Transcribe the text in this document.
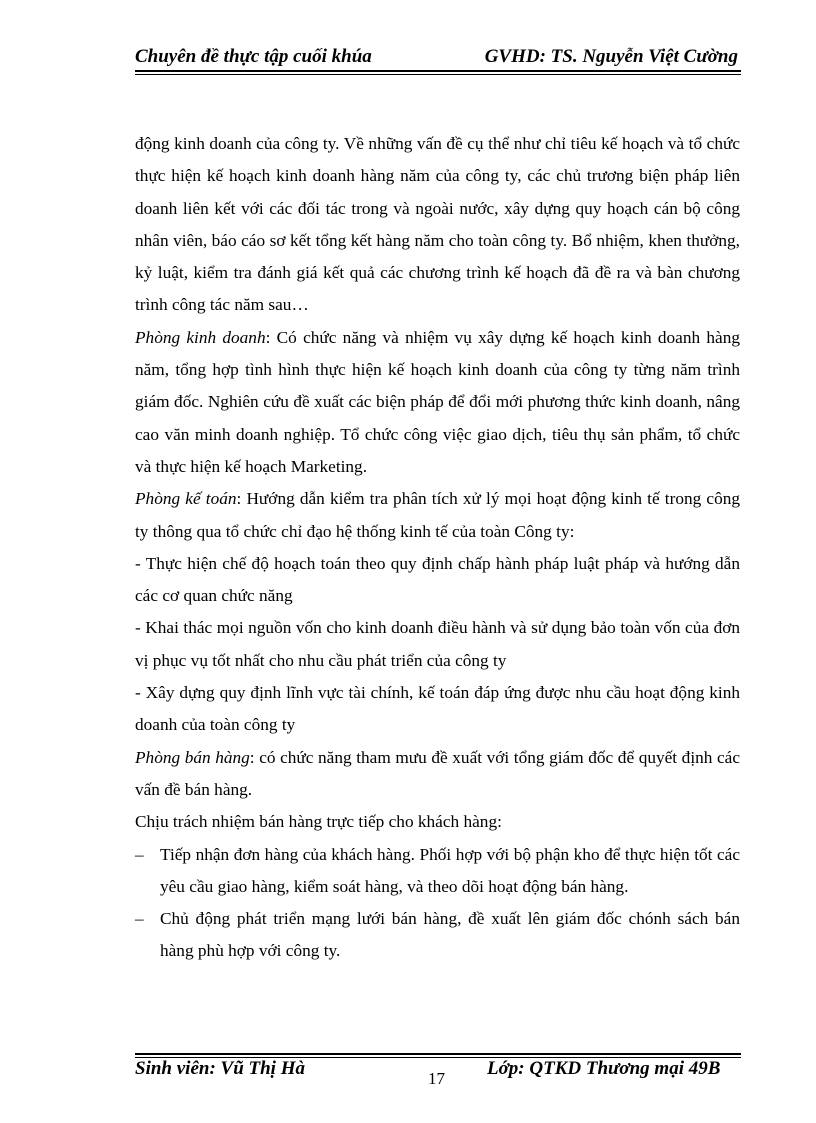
Chuyên đề thực tập cuối khúa	GVHD: TS. Nguyễn Việt Cường

động kinh doanh của công ty. Về những vấn đề cụ thể như chỉ tiêu kế hoạch và tổ chức thực hiện kế hoạch kinh doanh hàng năm của công ty, các chủ trương biện pháp liên doanh liên kết với các đối tác trong và ngoài nước, xây dựng quy hoạch cán bộ công nhân viên, báo cáo sơ kết tổng kết hàng năm cho toàn công ty. Bổ nhiệm, khen thưởng, kỷ luật, kiểm tra đánh giá kết quả các chương trình kế hoạch đã đề ra và bàn chương trình công tác năm sau…

Phòng kinh doanh: Có chức năng và nhiệm vụ xây dựng kế hoạch kinh doanh hàng năm, tổng hợp tình hình thực hiện kế hoạch kinh doanh của công ty từng năm trình giám đốc. Nghiên cứu đề xuất các biện pháp để đổi mới phương thức kinh doanh, nâng cao văn minh doanh nghiệp. Tổ chức công việc giao dịch, tiêu thụ sản phẩm, tổ chức và thực hiện kế hoạch Marketing.

Phòng kế toán: Hướng dẫn kiểm tra phân tích xử lý mọi hoạt động kinh tế trong công ty thông qua tổ chức chỉ đạo hệ thống kinh tế của toàn Công ty:

- Thực hiện chế độ hoạch toán theo quy định chấp hành pháp luật pháp và hướng dẫn các cơ quan chức năng

- Khai thác mọi nguồn vốn cho kinh doanh điều hành và sử dụng bảo toàn vốn của đơn vị phục vụ tốt nhất cho nhu cầu phát triển của công ty

- Xây dựng quy định lĩnh vực tài chính, kế toán đáp ứng được nhu cầu hoạt động kinh doanh của toàn công ty

Phòng bán hàng: có chức năng tham mưu đề xuất với tổng giám đốc để quyết định các vấn đề bán hàng.

Chịu trách nhiệm bán hàng trực tiếp cho khách hàng:

– Tiếp nhận đơn hàng của khách hàng. Phối hợp với bộ phận kho để thực hiện tốt các yêu cầu giao hàng, kiểm soát hàng, và theo dõi hoạt động bán hàng.
– Chủ động phát triển mạng lưới bán hàng, đề xuất lên giám đốc chónh sách bán hàng phù hợp với công ty.
Sinh viên: Vũ Thị Hà	17 Lớp: QTKD Thương mại 49B
